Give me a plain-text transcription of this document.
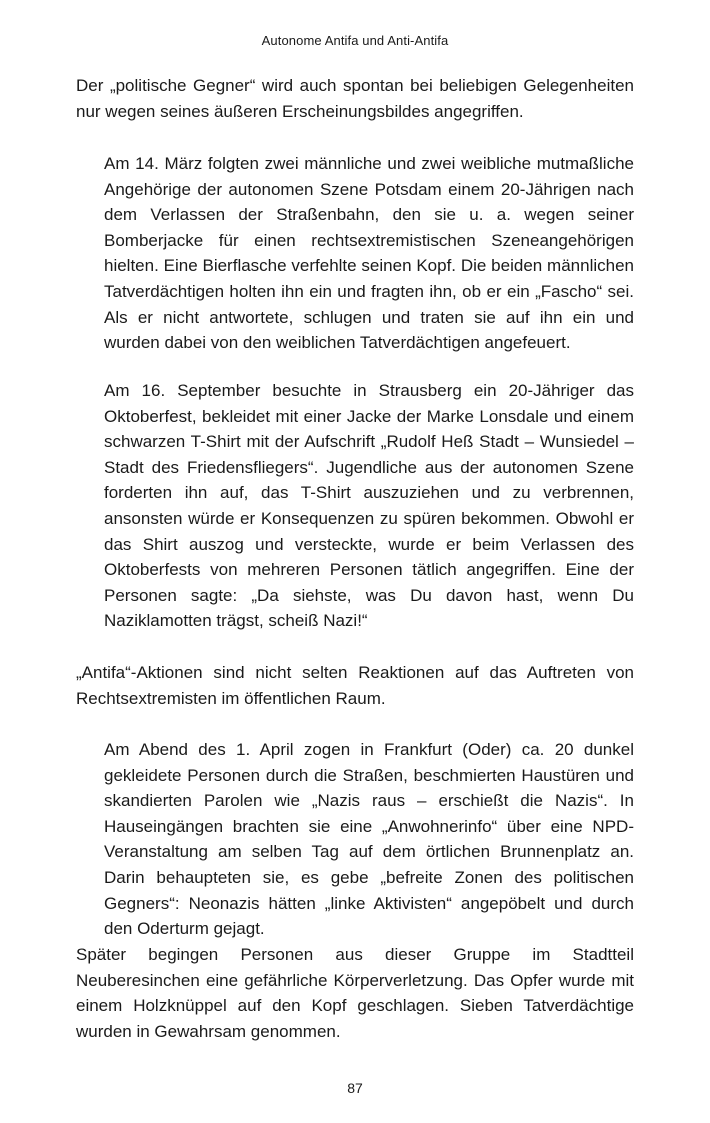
Autonome Antifa und Anti-Antifa

Der „politische Gegner“ wird auch spontan bei beliebigen Gelegenheiten nur wegen seines äußeren Erscheinungsbildes angegriffen.

Am 14. März folgten zwei männliche und zwei weibliche mutmaßliche Angehörige der autonomen Szene Potsdam einem 20-Jährigen nach dem Verlassen der Straßenbahn, den sie u. a. wegen seiner Bomberjacke für einen rechtsextremistischen Szeneangehörigen hielten. Eine Bierflasche verfehlte seinen Kopf. Die beiden männlichen Tatverdächtigen holten ihn ein und fragten ihn, ob er ein „Fascho“ sei. Als er nicht antwortete, schlugen und traten sie auf ihn ein und wurden dabei von den weiblichen Tatverdächtigen angefeuert.

Am 16. September besuchte in Strausberg ein 20-Jähriger das Oktoberfest, bekleidet mit einer Jacke der Marke Lonsdale und einem schwarzen T-Shirt mit der Aufschrift „Rudolf Heß Stadt – Wunsiedel – Stadt des Friedensfliegers“. Jugendliche aus der autonomen Szene forderten ihn auf, das T-Shirt auszuziehen und zu verbrennen, ansonsten würde er Konsequenzen zu spüren bekommen. Obwohl er das Shirt auszog und versteckte, wurde er beim Verlassen des Oktoberfests von mehreren Personen tätlich angegriffen. Eine der Personen sagte: „Da siehste, was Du davon hast, wenn Du Naziklamotten trägst, scheiß Nazi!“

„Antifa“-Aktionen sind nicht selten Reaktionen auf das Auftreten von Rechtsextremisten im öffentlichen Raum.

Am Abend des 1. April zogen in Frankfurt (Oder) ca. 20 dunkel gekleidete Personen durch die Straßen, beschmierten Haustüren und skandierten Parolen wie „Nazis raus – erschießt die Nazis“. In Hauseingängen brachten sie eine „Anwohnerinfo“ über eine NPD-Veranstaltung am selben Tag auf dem örtlichen Brunnenplatz an. Darin behaupteten sie, es gebe „befreite Zonen des politischen Gegners“: Neonazis hätten „linke Aktivisten“ angepöbelt und durch den Oderturm gejagt.

Später begingen Personen aus dieser Gruppe im Stadtteil Neuberesinchen eine gefährliche Körperverletzung. Das Opfer wurde mit einem Holzknüppel auf den Kopf geschlagen. Sieben Tatverdächtige wurden in Gewahrsam genommen.

87
